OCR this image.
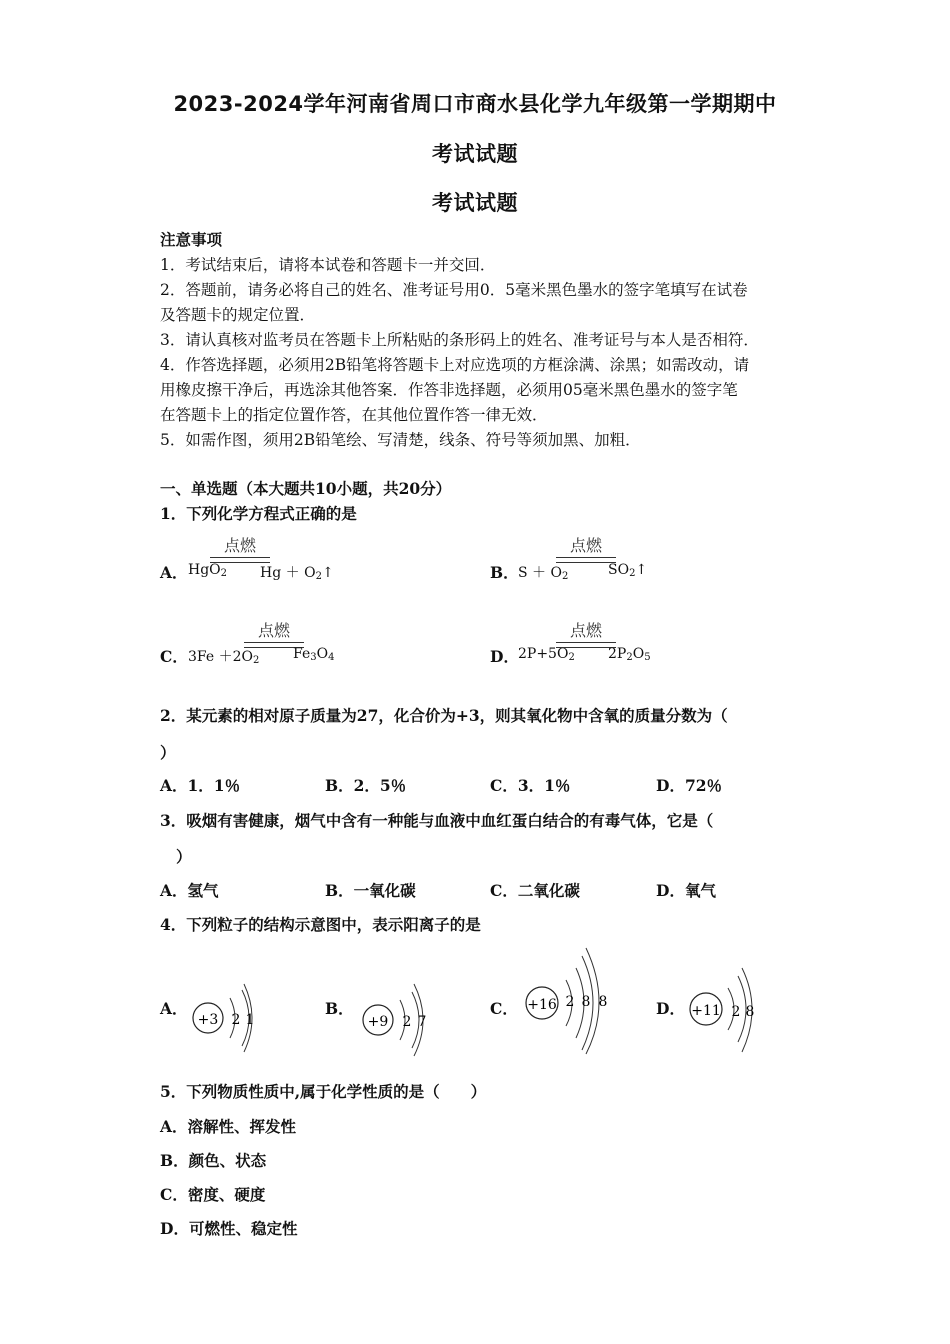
2023-2024学年河南省周口市商水县化学九年级第一学期期中
考试试题
考试试题
注意事项
1．考试结束后，请将本试卷和答题卡一并交回．
2．答题前，请务必将自己的姓名、准考证号用0．5毫米黑色墨水的签字笔填写在试卷
及答题卡的规定位置．
3．请认真核对监考员在答题卡上所粘贴的条形码上的姓名、准考证号与本人是否相符．
4．作答选择题，必须用2B铅笔将答题卡上对应选项的方框涂满、涂黑；如需改动，请
用橡皮擦干净后，再选涂其他答案．作答非选择题，必须用05毫米黑色墨水的签字笔
在答题卡上的指定位置作答，在其他位置作答一律无效．
5．如需作图，须用2B铅笔绘、写清楚，线条、符号等须加黑、加粗．
一、单选题（本大题共10小题，共20分）
1．下列化学方程式正确的是
A． HgO$_2$
点燃
$Hg + O_2↑$	B． $S + O_2$
点燃
$SO_2↑$
C． $3Fe +2O_2$
点燃
$Fe_3O_4$	D． $2P+5O_2$
点燃
$2P_2O_5$
2．某元素的相对原子质量为27，化合价为+3，则其氧化物中含氧的质量分数为（
）
A．1．1％	B．2．5％	C．3．1％	D．72％
3．吸烟有害健康，烟气中含有一种能与血液中血红蛋白结合的有毒气体，它是（
）
A．氢气	B．一氧化碳	C．二氧化碳	D．氧气
4．下列粒子的结构示意图中，表示阳离子的是
A．
+3 2 1
B．
+9 2 7
C． +16 2 8 8	D． +11 2 8
5．下列物质性质中,属于化学性质的是（　　）
A．溶解性、挥发性
B．颜色、状态
C．密度、硬度
D．可燃性、稳定性
